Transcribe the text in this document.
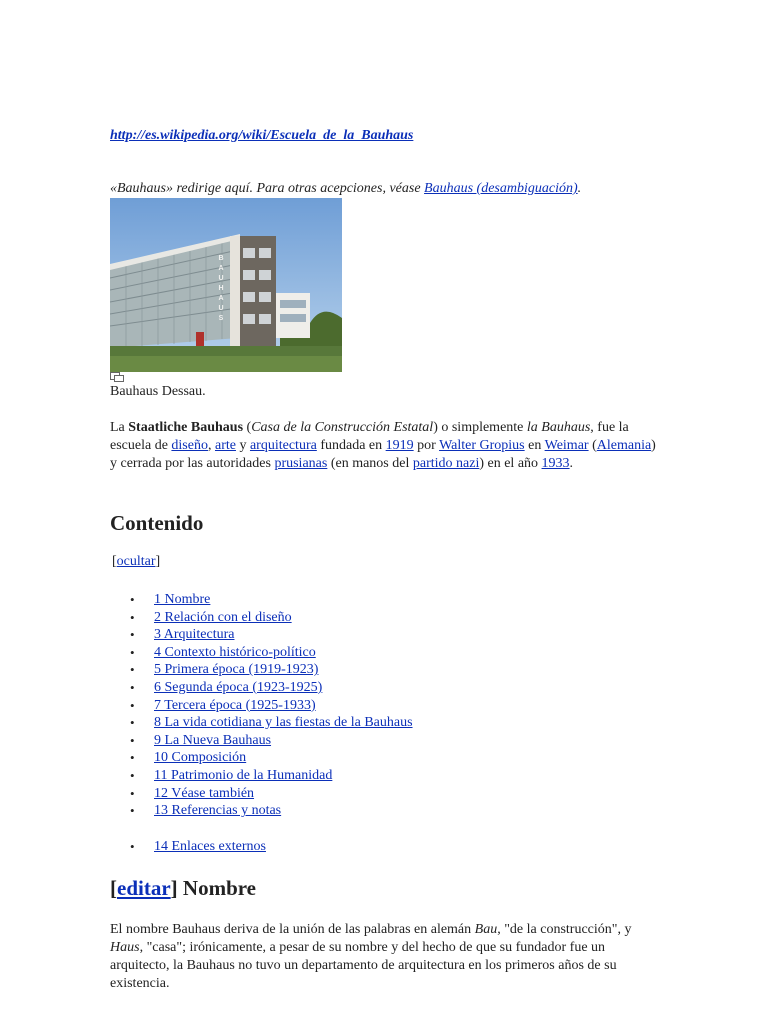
http://es.wikipedia.org/wiki/Escuela_de_la_Bauhaus
«Bauhaus» redirige aquí. Para otras acepciones, véase Bauhaus (desambiguación).
B A U H A U S
Bauhaus Dessau.
La Staatliche Bauhaus (Casa de la Construcción Estatal) o simplemente la Bauhaus, fue la escuela de diseño, arte y arquitectura fundada en 1919 por Walter Gropius en Weimar (Alemania) y cerrada por las autoridades prusianas (en manos del partido nazi) en el año 1933.
Contenido
[ocultar]
• 1 Nombre
• 2 Relación con el diseño
• 3 Arquitectura
• 4 Contexto histórico-político
• 5 Primera época (1919-1923)
• 6 Segunda época (1923-1925)
• 7 Tercera época (1925-1933)
• 8 La vida cotidiana y las fiestas de la Bauhaus
• 9 La Nueva Bauhaus
• 10 Composición
• 11 Patrimonio de la Humanidad
• 12 Véase también
• 13 Referencias y notas
• 14 Enlaces externos
[editar] Nombre
El nombre Bauhaus deriva de la unión de las palabras en alemán Bau, "de la construcción", y Haus, "casa"; irónicamente, a pesar de su nombre y del hecho de que su fundador fue un arquitecto, la Bauhaus no tuvo un departamento de arquitectura en los primeros años de su existencia.
